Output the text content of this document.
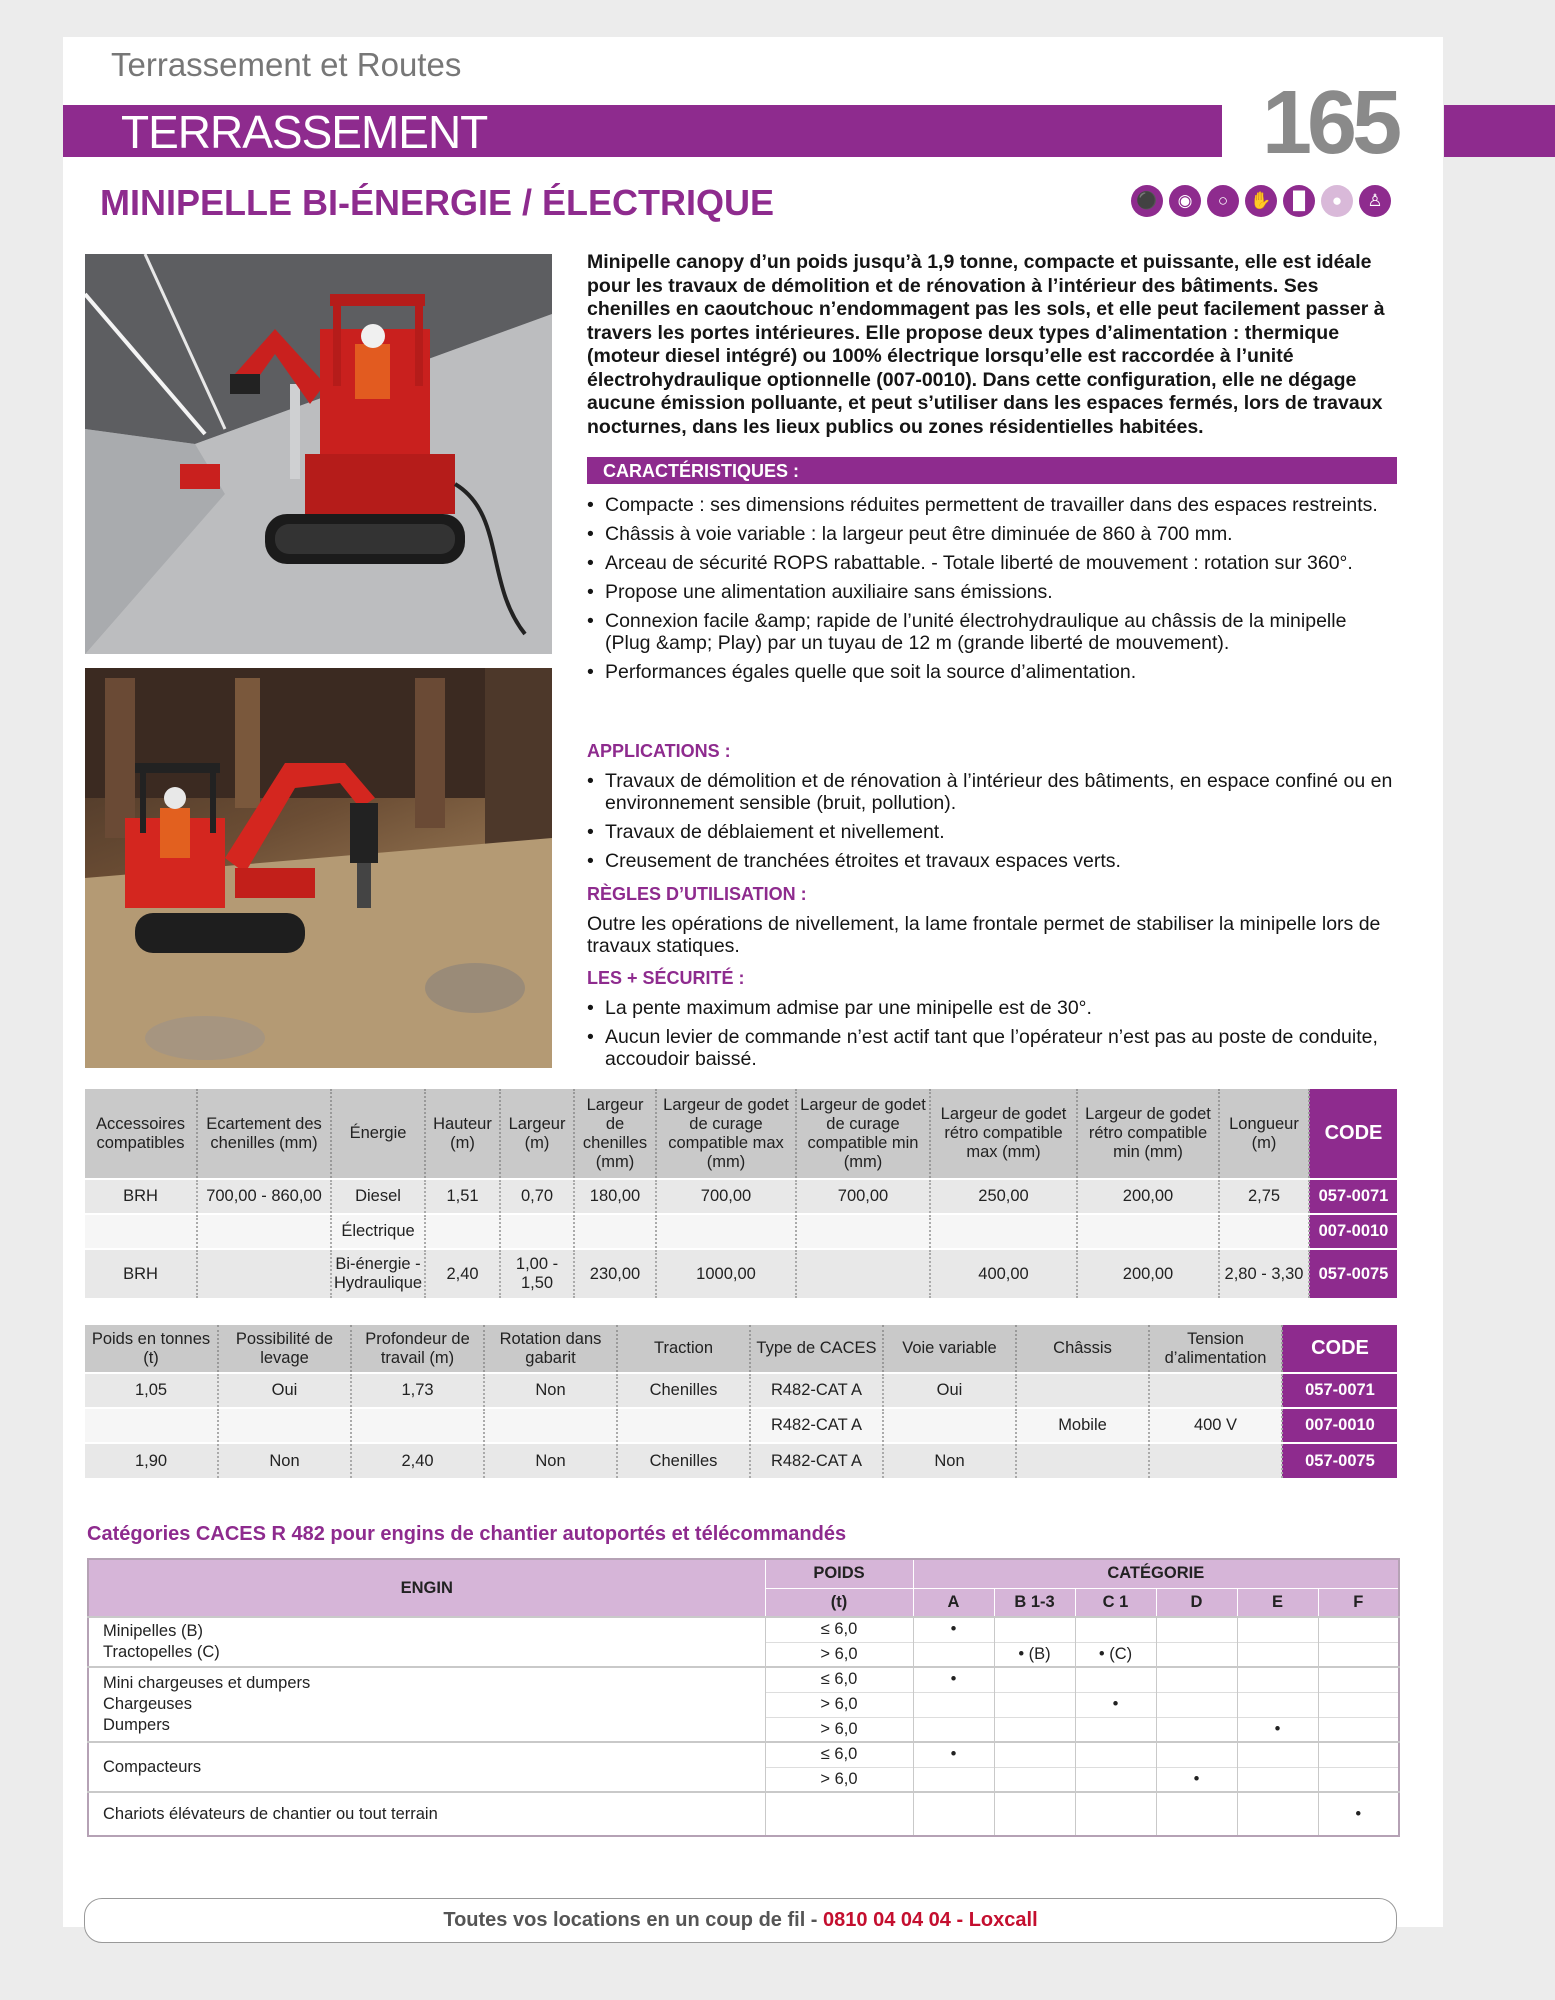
Terrassement et Routes
TERRASSEMENT	165
MINIPELLE BI-ÉNERGIE / ÉLECTRIQUE	⚫	◉	○	✋	█	●	♙
Minipelle canopy d’un poids jusqu’à 1,9 tonne, compacte et puissante, elle est idéale pour les travaux de démolition et de rénovation à l’intérieur des bâtiments. Ses chenilles en caoutchouc n’endommagent pas les sols, et elle peut facilement passer à travers les portes intérieures. Elle propose deux types d’alimentation : thermique (moteur diesel intégré) ou 100% électrique lorsqu’elle est raccordée à l’unité électrohydraulique optionnelle (007-0010). Dans cette configuration, elle ne dégage aucune émission polluante, et peut s’utiliser dans les espaces fermés, lors de travaux nocturnes, dans les lieux publics ou zones résidentielles habitées.
CARACTÉRISTIQUES :
• Compacte : ses dimensions réduites permettent de travailler dans des espaces restreints.
• Châssis à voie variable : la largeur peut être diminuée de 860 à 700 mm.
• Arceau de sécurité ROPS rabattable. - Totale liberté de mouvement : rotation sur 360°.
• Propose une alimentation auxiliaire sans émissions.
• Connexion facile &amp; rapide de l’unité électrohydraulique au châssis de la minipelle (Plug &amp; Play) par un tuyau de 12 m (grande liberté de mouvement).
• Performances égales quelle que soit la source d’alimentation.
APPLICATIONS :
• Travaux de démolition et de rénovation à l’intérieur des bâtiments, en espace confiné ou en environnement sensible (bruit, pollution).
• Travaux de déblaiement et nivellement.
• Creusement de tranchées étroites et travaux espaces verts.
RÈGLES D’UTILISATION :
Outre les opérations de nivellement, la lame frontale permet de stabiliser la minipelle lors de travaux statiques.
LES + SÉCURITÉ :
• La pente maximum admise par une minipelle est de 30°.
• Aucun levier de commande n’est actif tant que l’opérateur n’est pas au poste de conduite, accoudoir baissé.
Accessoires compatibles	Ecartement des chenilles (mm)	Énergie	Hauteur (m)	Largeur (m)	Largeur de chenilles (mm)	Largeur de godet de curage compatible max (mm)	Largeur de godet de curage compatible min (mm)	Largeur de godet rétro compatible max (mm)	Largeur de godet rétro compatible min (mm)	Longueur (m)	CODE
BRH	700,00 - 860,00	Diesel	1,51	0,70	180,00	700,00	700,00	250,00	200,00	2,75	057-0071
		Électrique									007-0010
BRH		Bi-énergie - Hydraulique	2,40	1,00 - 1,50	230,00	1000,00		400,00	200,00	2,80 - 3,30	057-0075
Poids en tonnes (t)	Possibilité de levage	Profondeur de travail (m)	Rotation dans gabarit	Traction	Type de CACES	Voie variable	Châssis	Tension d’alimentation	CODE
1,05	Oui	1,73	Non	Chenilles	R482-CAT A	Oui			057-0071
					R482-CAT A		Mobile	400 V	007-0010
1,90	Non	2,40	Non	Chenilles	R482-CAT A	Non			057-0075
Catégories CACES R 482 pour engins de chantier autoportés et télécommandés
ENGIN	POIDS	CATÉGORIE					
	(t)	A	B 1-3	C 1	D	E	F

Minipelles (B)
Tractopelles (C)	≤ 6,0	•					
	> 6,0		• (B)	• (C)			

Mini chargeuses et dumpers
Chargeuses
Dumpers	≤ 6,0	•					
	> 6,0			•			
	> 6,0					•	

Compacteurs	≤ 6,0	•					
	> 6,0				•		

Chariots élévateurs de chantier ou tout terrain							•
Toutes vos locations en un coup de fil - 0810 04 04 04 - Loxcall
